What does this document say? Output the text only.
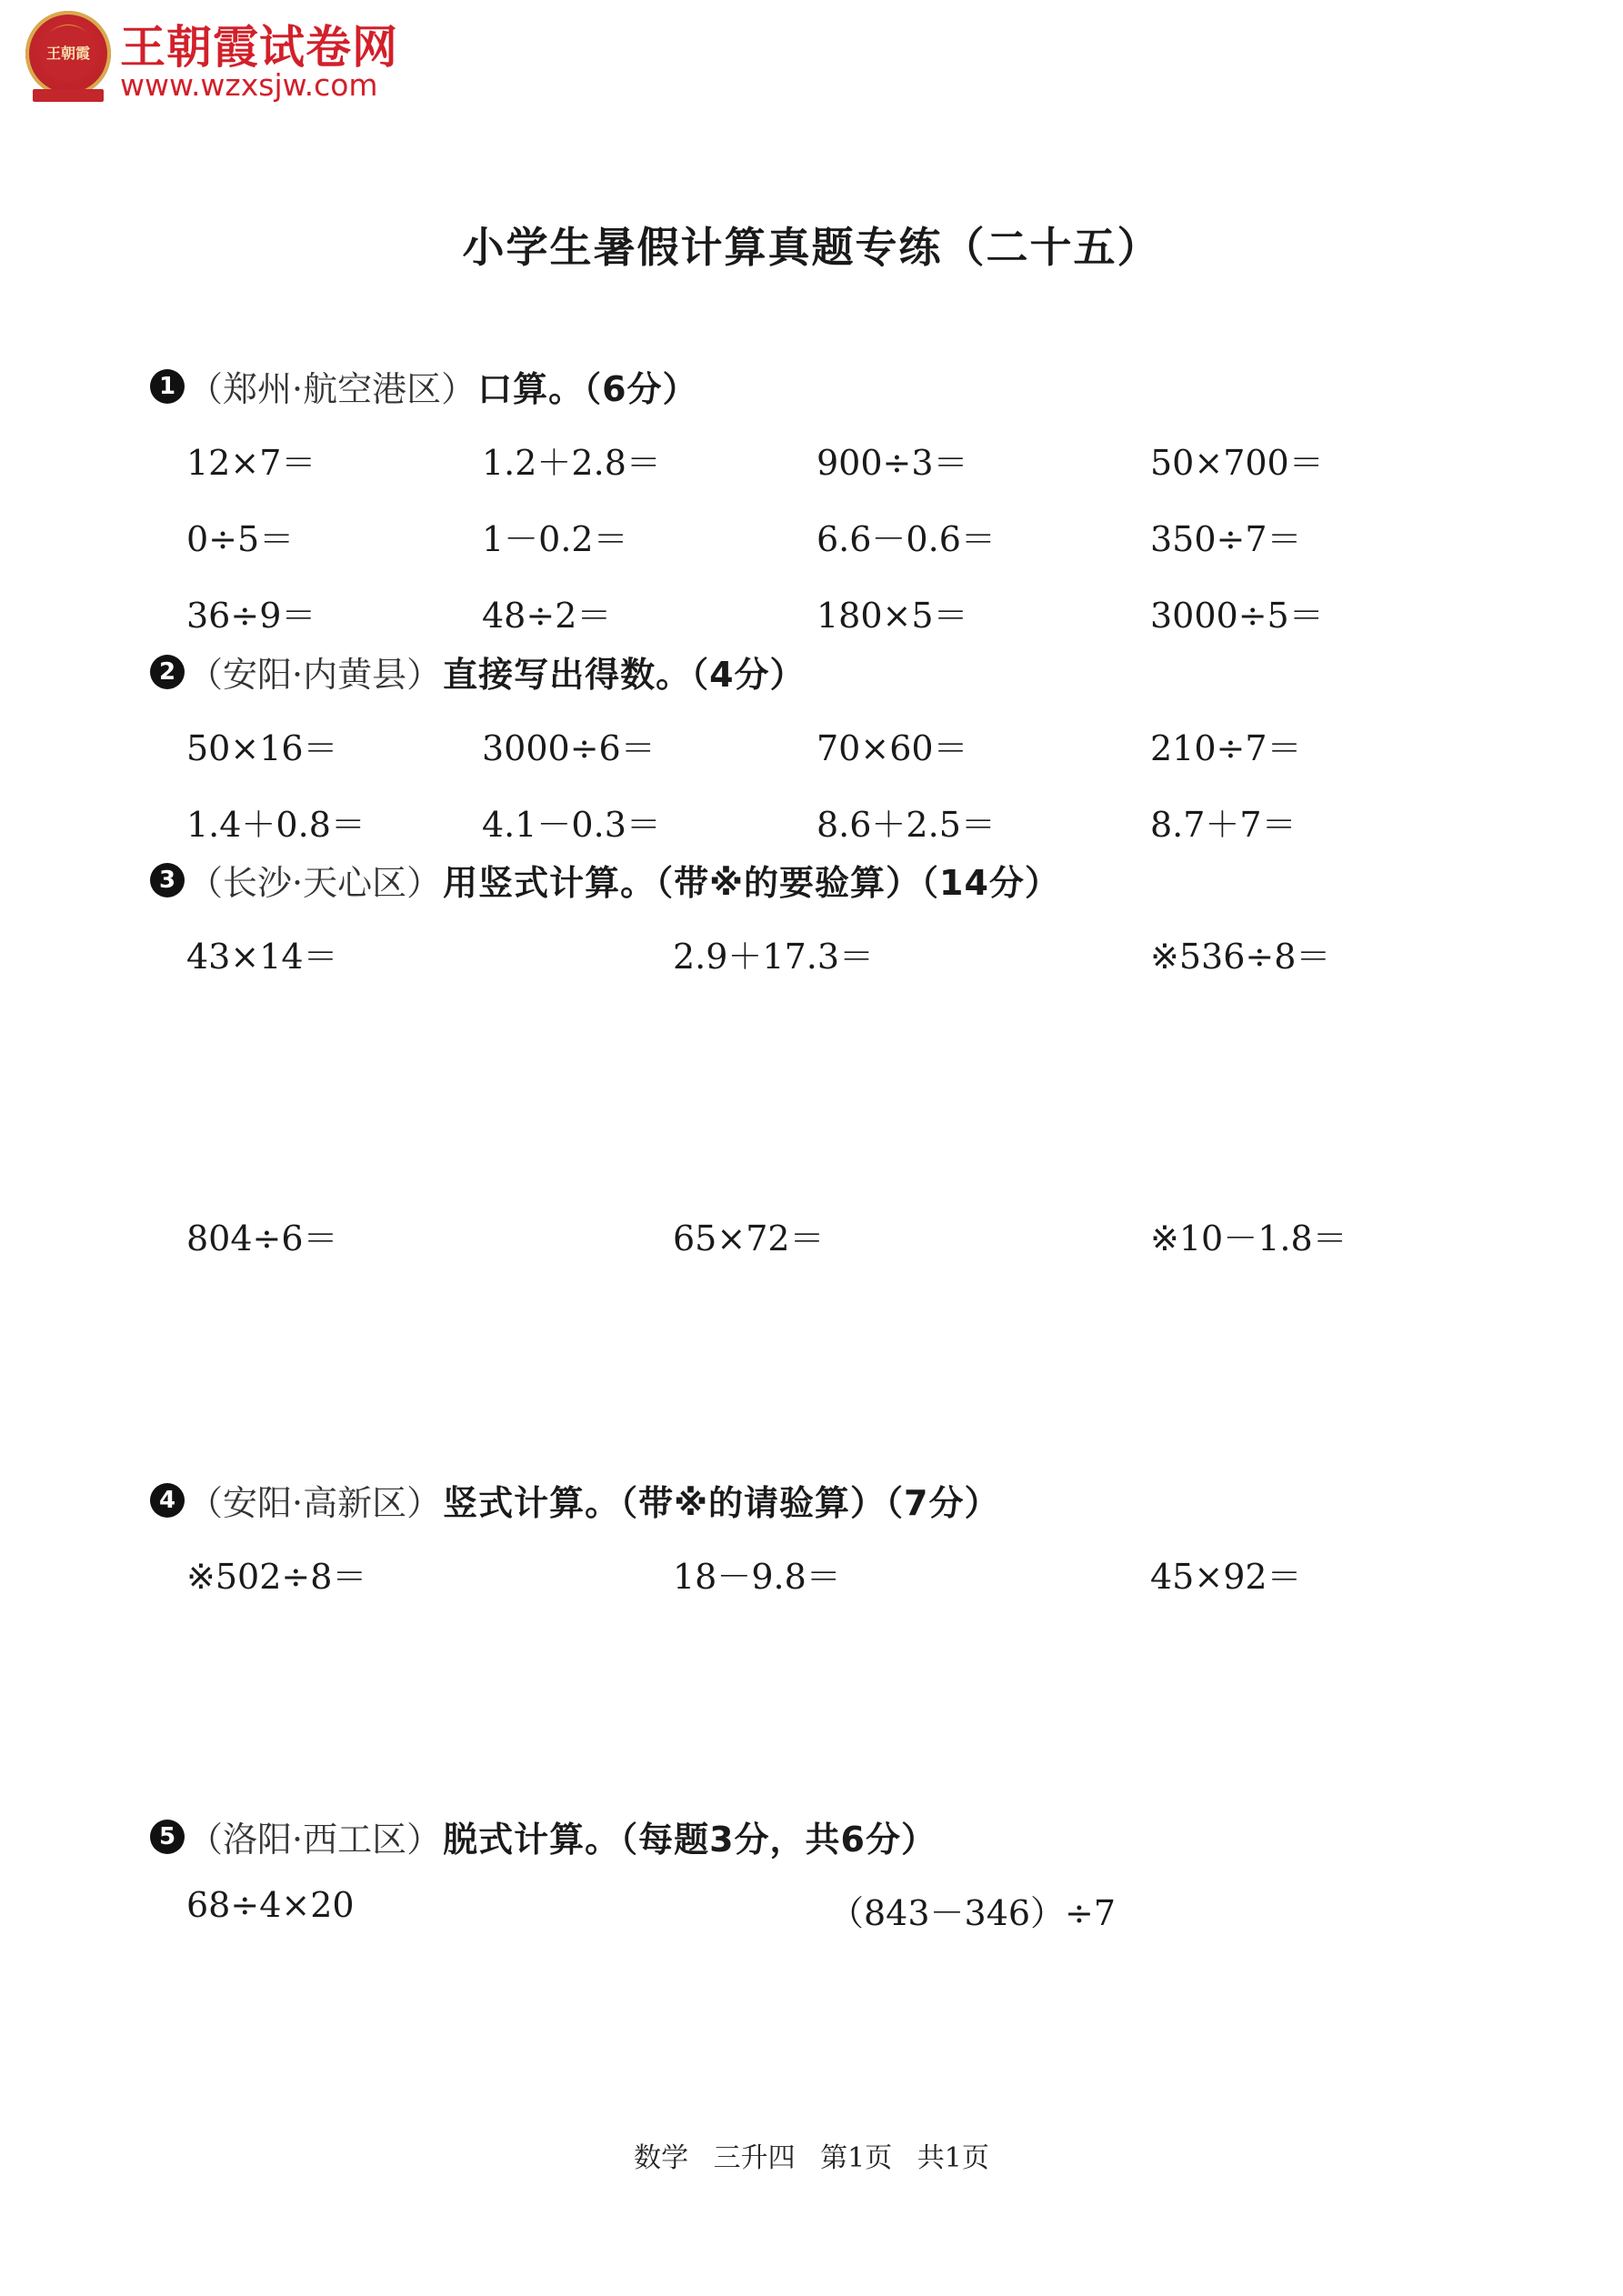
王朝霞 王朝霞试卷网
www.wzxsjw.com
小学生暑假计算真题专练（二十五）
1 （郑州·航空港区） 口算。（6分）
12×7＝	1.2＋2.8＝	900÷3＝	50×700＝
0÷5＝	1－0.2＝	6.6－0.6＝	350÷7＝
36÷9＝	48÷2＝	180×5＝	3000÷5＝
2 （安阳·内黄县） 直接写出得数。（4分）
50×16＝	3000÷6＝	70×60＝	210÷7＝
1.4＋0.8＝	4.1－0.3＝	8.6＋2.5＝	8.7＋7＝
3 （长沙·天心区） 用竖式计算。（带※的要验算）（14分）
43×14＝	2.9＋17.3＝	※536÷8＝
804÷6＝	65×72＝	※10－1.8＝
4 （安阳·高新区） 竖式计算。（带※的请验算）（7分）
※502÷8＝	18－9.8＝	45×92＝
5 （洛阳·西工区） 脱式计算。（每题3分，共6分）
68÷4×20	（843－346）÷7
数学 三升四 第1页 共1页
